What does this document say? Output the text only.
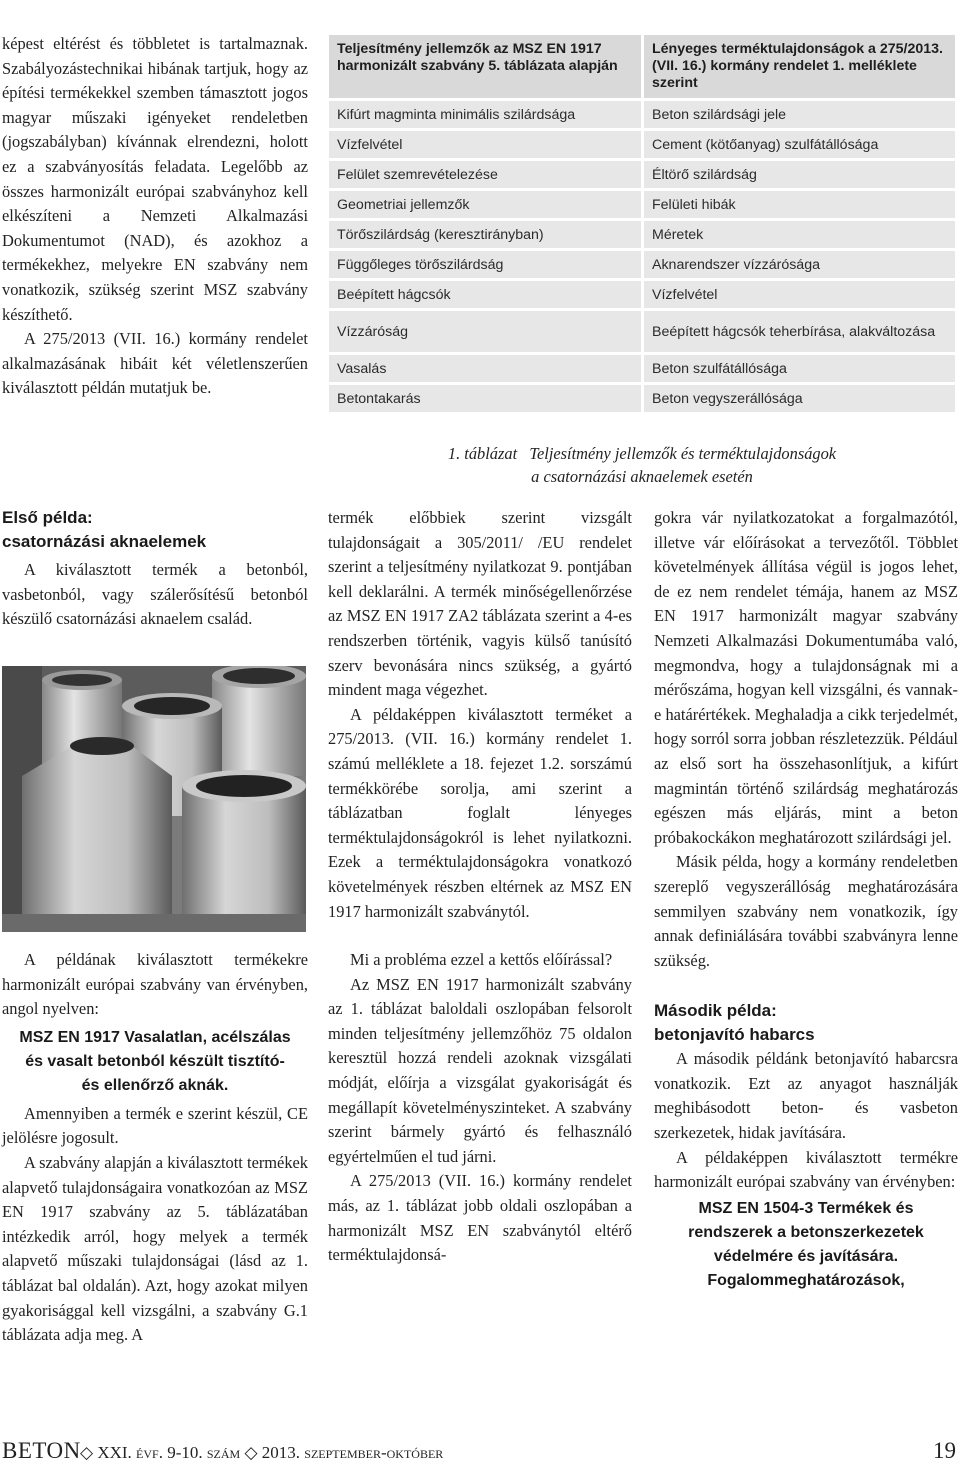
képest eltérést és többletet is tartalmaznak. Szabályozástechnikai hibának tartjuk, hogy az építési termékekkel szemben támasztott jogos magyar műszaki igényeket rendeletben (jogszabályban) kívánnak elrendezni, holott ez a szabványosítás feladata. Legelőbb az összes harmonizált európai szabványhoz kell elkészíteni a Nemzeti Alkalmazási Dokumentumot (NAD), és azokhoz a termékekhez, melyekre EN szabvány nem vonatkozik, szükség szerint MSZ szabvány készíthető.

A 275/2013 (VII. 16.) kormány rendelet alkalmazásának hibáit két véletlenszerűen kiválasztott példán mutatjuk be.

Első példa:

csatornázási aknaelemek

A kiválasztott termék a betonból, vasbetonból, vagy szálerősítésű betonból készülő csatornázási aknaelem család.

A példának kiválasztott termékekre harmonizált európai szabvány van érvényben, angol nyelven:

MSZ EN 1917 Vasalatlan, acélszálas és vasalt betonból készült tisztító- és ellenőrző aknák.

Amennyiben a termék e szerint készül, CE jelölésre jogosult.

A szabvány alapján a kiválasztott termékek alapvető tulajdonságaira vonatkozóan az MSZ EN 1917 szabvány az 5. táblázatában intézkedik arról, hogy melyek a termék alapvető műszaki tulajdonságai (lásd az 1. táblázat bal oldalán). Azt, hogy azokat milyen gyakorisággal kell vizsgálni, a szabvány G.1 táblázata adja meg. A

Teljesítmény jellemzők az MSZ EN 1917 harmonizált szabvány 5. táblázata alapján	Lényeges terméktulajdonságok a 275/2013. (VII. 16.) kormány rendelet 1. melléklete szerint
Kifúrt magminta minimális szilárdsága	Beton szilárdsági jele
Vízfelvétel	Cement (kötőanyag) szulfátállósága
Felület szemrevételezése	Éltörő szilárdság
Geometriai jellemzők	Felületi hibák
Törőszilárdság (keresztirányban)	Méretek
Függőleges törőszilárdság	Aknarendszer vízzárósága
Beépített hágcsók	Vízfelvétel
Vízzáróság	Beépített hágcsók teherbírása, alakváltozása
Vasalás	Beton szulfátállósága
Betontakarás	Beton vegyszerállósága
1. táblázat   Teljesítmény jellemzők és terméktulajdonságok
a csatornázási aknaelemek esetén

termék előbbiek szerint vizsgált tulajdonságait a 305/2011/ /EU rendelet szerint a teljesítmény nyilatkozat 9. pontjában kell deklarálni. A termék minőségellenőrzése az MSZ EN 1917 ZA2 táblázata szerint a 4-es rendszerben történik, vagyis külső tanúsító szerv bevonására nincs szükség, a gyártó mindent maga végezhet.

A példaképpen kiválasztott terméket a 275/2013. (VII. 16.) kormány rendelet 1. számú melléklete a 18. fejezet 1.2. sorszámú termékkörébe sorolja, ami szerint a táblázatban foglalt lényeges terméktulajdonságokról is lehet nyilatkozni. Ezek a terméktulajdonságokra vonatkozó követelmények részben eltérnek az MSZ EN 1917 harmonizált szabványtól.

Mi a probléma ezzel a kettős előírással?

Az MSZ EN 1917 harmonizált szabvány az 1. táblázat baloldali oszlopában felsorolt minden teljesítmény jellemzőhöz 75 oldalon keresztül hozzá rendeli azoknak vizsgálati módját, előírja a vizsgálat gyakoriságát és megállapít követelményszinteket. A szabvány szerint bármely gyártó és felhasználó egyértelműen el tud járni.

A 275/2013 (VII. 16.) kormány rendelet más, az 1. táblázat jobb oldali oszlopában a harmonizált MSZ EN szabványtól eltérő terméktulajdonsá-

gokra vár nyilatkozatokat a forgalmazótól, illetve vár előírásokat a tervezőtől. Többlet követelmények állítása végül is jogos lehet, de ez nem rendelet témája, hanem az MSZ EN 1917 harmonizált magyar szabvány Nemzeti Alkalmazási Dokumentumába való, megmondva, hogy a tulajdonságnak mi a mérőszáma, hogyan kell vizsgálni, és vannak-e határértékek. Meghaladja a cikk terjedelmét, hogy sorról sorra jobban részletezzük. Például az első sort ha összehasonlítjuk, a kifúrt magmintán történő szilárdság meghatározás egészen más eljárás, mint a beton próbakockákon meghatározott szilárdsági jel.

Másik példa, hogy a kormány rendeletben szereplő vegyszerállóság meghatározására semmilyen szabvány nem vonatkozik, így annak definiálására további szabványra lenne szükség.

Második példa:

betonjavító habarcs

A második példánk betonjavító habarcsra vonatkozik. Ezt az anyagot használják meghibásodott beton- és vasbeton szerkezetek, hidak javítására.

A példaképpen kiválasztott termékre harmonizált európai szabvány van érvényben:

MSZ EN 1504-3 Termékek és rendszerek a betonszerkezetek védelmére és javítására.

Fogalommeghatározások,

BETON ◇ XXI. évf. 9-10. szám ◇ 2013. szeptember-október	19
